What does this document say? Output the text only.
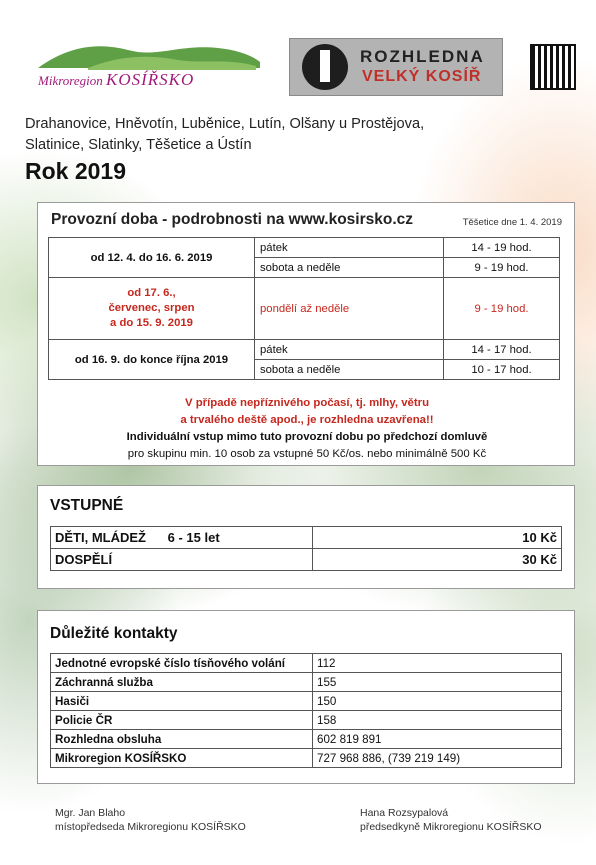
Mikroregion KOSÍŘSKO
ROZHLEDNA
VELKÝ KOSÍŘ
Drahanovice, Hněvotín, Luběnice, Lutín, Olšany u Prostějova, Slatinice, Slatinky, Těšetice a Ústín
Rok 2019
Provozní doba - podrobnosti na www.kosirsko.cz	Těšetice dne 1. 4. 2019
od 12. 4. do 16. 6. 2019	pátek	14 - 19 hod.
	sobota a neděle	9 - 19 hod.

od 17. 6.,
červenec, srpen
a do 15. 9. 2019	pondělí až neděle	9 - 19 hod.
od 16. 9. do konce října 2019	pátek	14 - 17 hod.
	sobota a neděle	10 - 17 hod.
V případě nepříznivého počasí, tj. mlhy, větru
a trvalého deště apod., je rozhledna uzavřena!!
Individuální vstup mimo tuto provozní dobu po předchozí domluvě
pro skupinu min. 10 osob za vstupné 50 Kč/os. nebo minimálně 500 Kč
VSTUPNÉ
DĚTI, MLÁDEŽ 6 - 15 let	10 Kč
DOSPĚLÍ	30 Kč
Důležité kontakty
Jednotné evropské číslo tísňového volání	112
Záchranná služba	155
Hasiči	150
Policie ČR	158
Rozhledna obsluha	602 819 891
Mikroregion KOSÍŘSKO	727 968 886, (739 219 149)
Mgr. Jan Blaho
místopředseda Mikroregionu KOSÍŘSKO
Hana Rozsypalová
předsedkyně Mikroregionu KOSÍŘSKO
